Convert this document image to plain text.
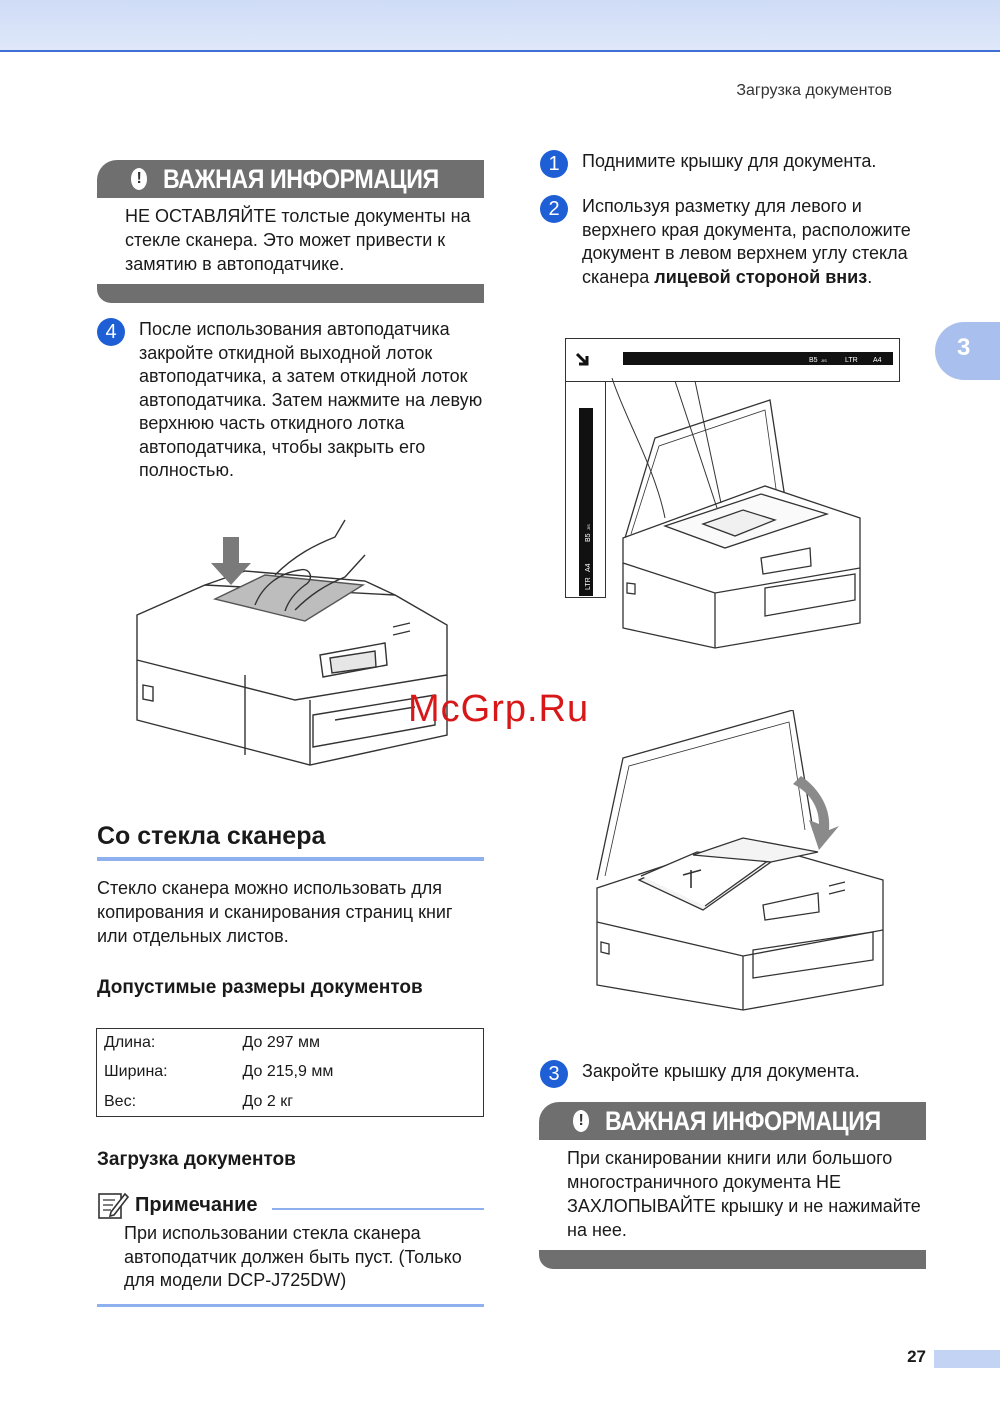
Загрузка документов
3
! ВАЖНАЯ ИНФОРМАЦИЯ
НЕ ОСТАВЛЯЙТЕ толстые документы на стекле сканера. Это может привести к замятию в автоподатчике.
4	После использования автоподатчика закройте откидной выходной лоток автоподатчика, а затем откидной лоток автоподатчика. Затем нажмите на левую верхнюю часть откидного лотка автоподатчика, чтобы закрыть его полностью.
Со стекла сканера
Стекло сканера можно использовать для копирования и сканирования страниц книг или отдельных листов.
Допустимые размеры документов
Длина:	До 297 мм
Ширина:	До 215,9 мм
Вес:	До 2 кг
Загрузка документов
Примечание
При использовании стекла сканера автоподатчик должен быть пуст. (Только для модели DCP-J725DW)
1	Поднимите крышку для документа.
2	Используя разметку для левого и верхнего края документа, расположите документ в левом верхнем углу стекла сканера лицевой стороной вниз.
B5 JIS	LTR A4
LTR
A4
B5
JIS
McGrp.Ru
3	Закройте крышку для документа.
! ВАЖНАЯ ИНФОРМАЦИЯ
При сканировании книги или большого многостраничного документа НЕ ЗАХЛОПЫВАЙТЕ крышку и не нажимайте на нее.
27
